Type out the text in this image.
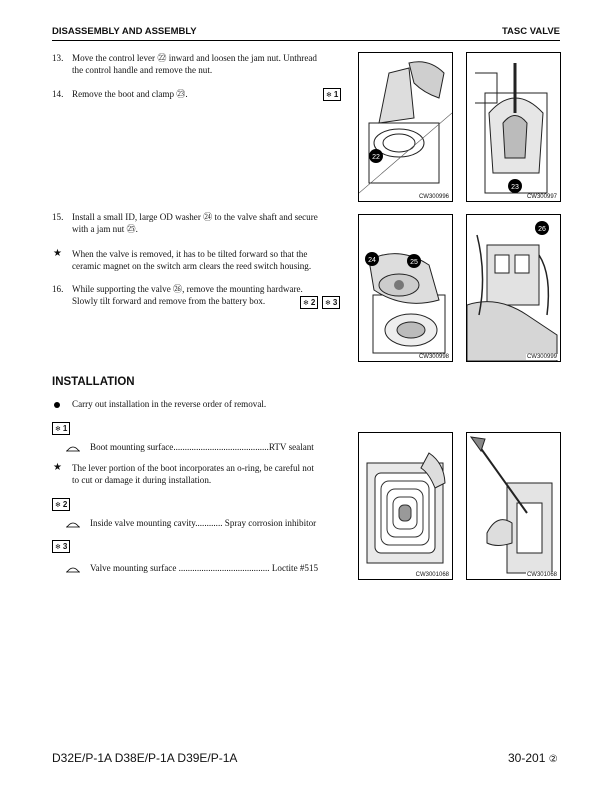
DISASSEMBLY AND ASSEMBLY	TASC VALVE
13. Move the control lever ㉒ inward and loosen the jam nut. Unthread
the control handle and remove the nut.
14. Remove the boot and clamp ㉓.	❄ 1
15. Install a small ID, large OD washer ㉔ to the valve shaft and secure
with a jam nut ㉕.
★ When the valve is removed, it has to be tilted forward so that the
ceramic magnet on the switch arm clears the reed switch housing.
16. While supporting the valve ㉖, remove the mounting hardware.
Slowly tilt forward and remove from the battery box.	❄ 2	❄ 3
INSTALLATION
Carry out installation in the reverse order of removal.
❄ 1
Boot mounting surface..........................................RTV sealant
★ The lever portion of the boot incorporates an o-ring, be careful not
to cut or damage it during installation.
❄ 2
Inside valve mounting cavity............ Spray corrosion inhibitor
❄ 3
Valve mounting surface ........................................ Loctite #515
22
CW300996
23
CW300997
24	25
CW300998
26
CW300999
CW3001068	CW301068
D32E/P-1A D38E/P-1A D39E/P-1A	30-201 ②
